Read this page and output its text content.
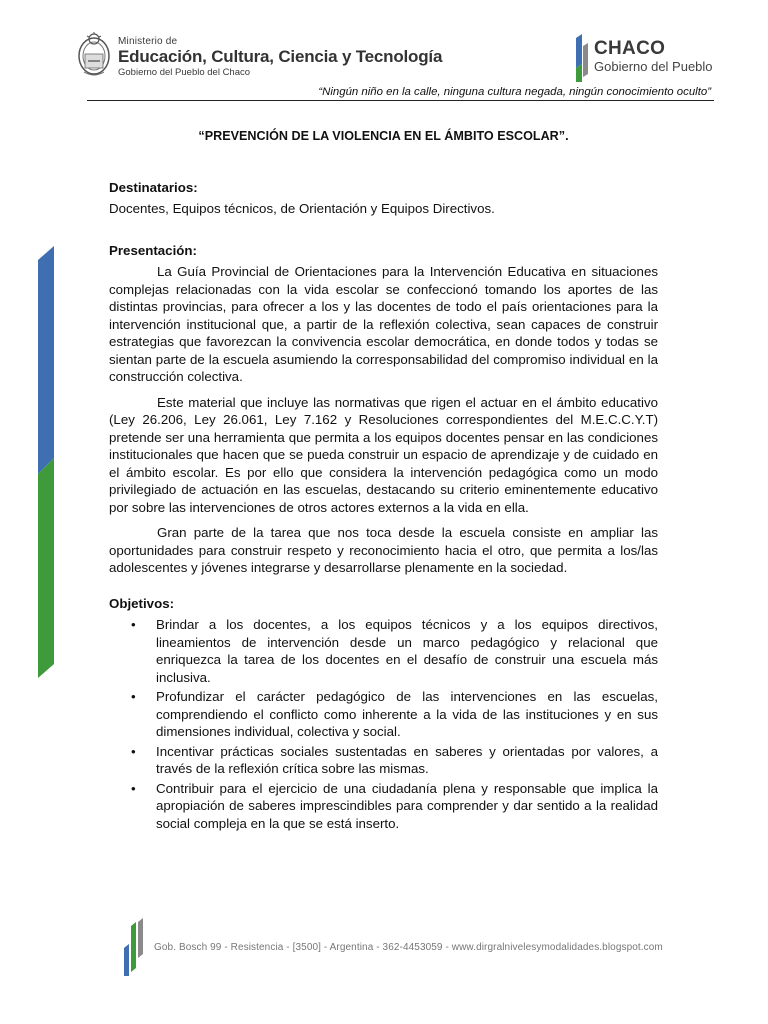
Ministerio de
Educación, Cultura, Ciencia y Tecnología
Gobierno del Pueblo del Chaco
CHACO
Gobierno del Pueblo
“Ningún niño en la calle, ninguna cultura negada, ningún conocimiento oculto”
“PREVENCIÓN DE LA VIOLENCIA EN EL ÁMBITO ESCOLAR”.
Destinatarios:
Docentes, Equipos técnicos, de Orientación y Equipos Directivos.
Presentación:

La Guía Provincial de Orientaciones para la Intervención Educativa en situaciones complejas relacionadas con la vida escolar se confeccionó tomando los aportes de las distintas provincias, para ofrecer a los y las docentes de todo el país orientaciones para la intervención institucional que, a partir de la reflexión colectiva, sean capaces de construir estrategias que favorezcan la convivencia escolar democrática, en donde todos y todas se sientan parte de la escuela asumiendo la corresponsabilidad del compromiso individual en la construcción colectiva.

Este material que incluye las normativas que rigen el actuar en el ámbito educativo (Ley 26.206, Ley 26.061, Ley 7.162 y Resoluciones correspondientes del M.E.C.C.Y.T) pretende ser una herramienta que permita a los equipos docentes pensar en las condiciones institucionales que hacen que se pueda construir un espacio de aprendizaje y de cuidado en el ámbito escolar. Es por ello que considera la intervención pedagógica como un modo privilegiado de actuación en las escuelas, destacando su criterio eminentemente educativo por sobre las intervenciones de otros actores externos a la vida en ella.

Gran parte de la tarea que nos toca desde la escuela consiste en ampliar las oportunidades para construir respeto y reconocimiento hacia el otro, que permita a los/las adolescentes y jóvenes integrarse y desarrollarse plenamente en la sociedad.

Objetivos:
• Brindar a los docentes, a los equipos técnicos y a los equipos directivos, lineamientos de intervención desde un marco pedagógico y relacional que enriquezca la tarea de los docentes en el desafío de construir una escuela más inclusiva.
• Profundizar el carácter pedagógico de las intervenciones en las escuelas, comprendiendo el conflicto como inherente a la vida de las instituciones y en sus dimensiones individual, colectiva y social.
• Incentivar prácticas sociales sustentadas en saberes y orientadas por valores, a través de la reflexión crítica sobre las mismas.
• Contribuir para el ejercicio de una ciudadanía plena y responsable que implica la apropiación de saberes imprescindibles para comprender y dar sentido a la realidad social compleja en la que se está inserto.
Gob. Bosch 99 - Resistencia - [3500] - Argentina - 362-4453059 - www.dirgralnivelesymodalidades.blogspot.com
